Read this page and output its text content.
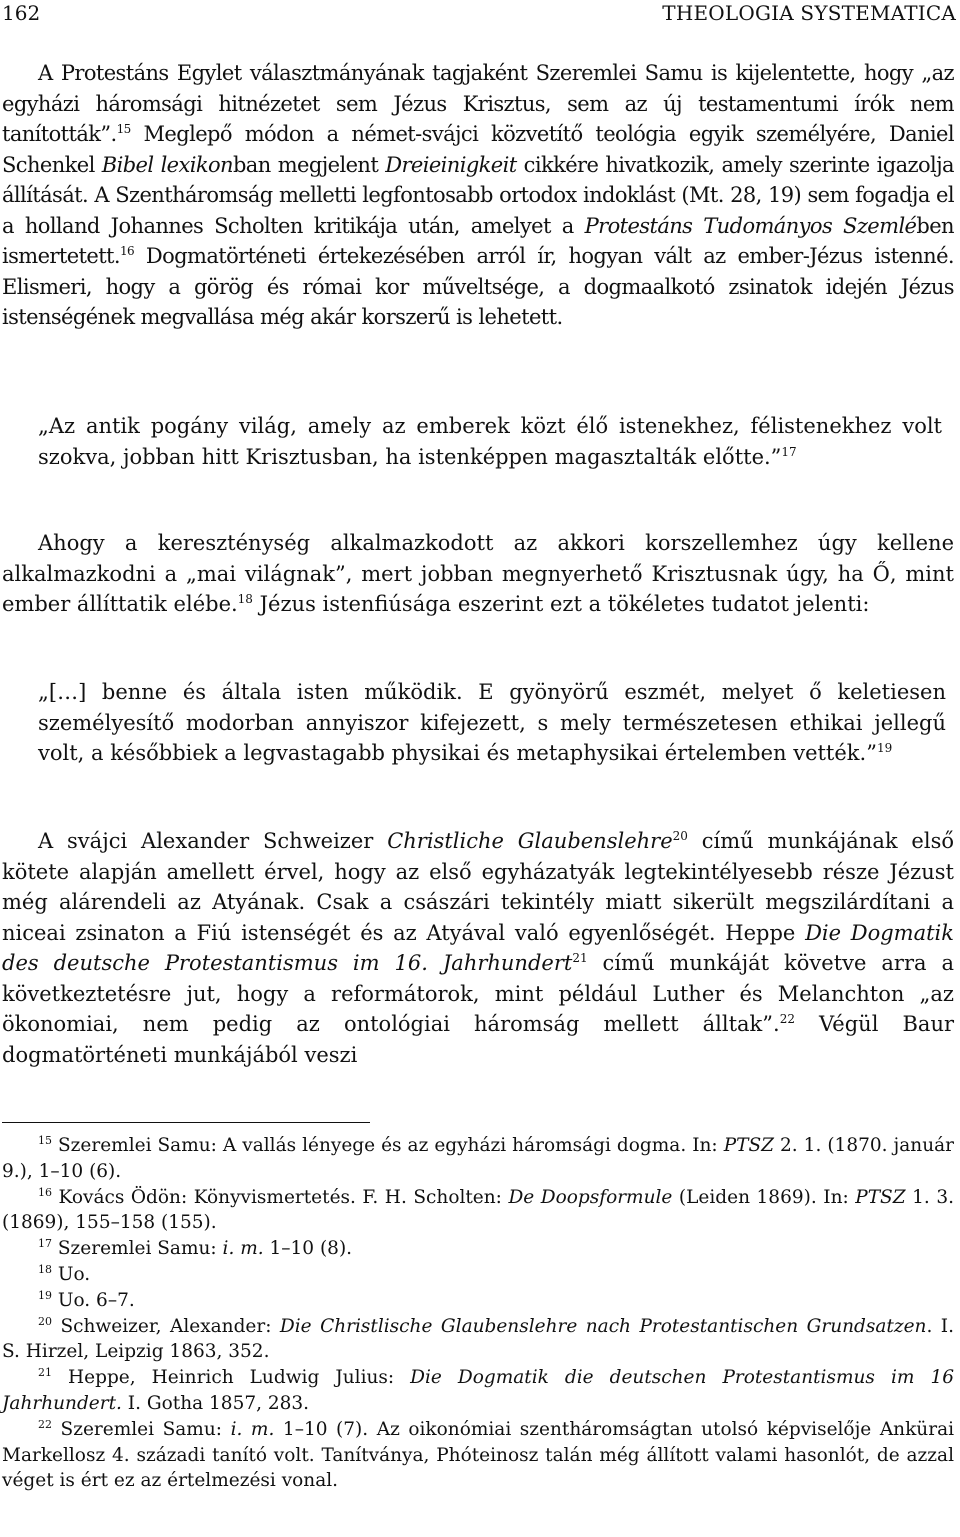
162	THEOLOGIA SYSTEMATICA

A Protestáns Egylet választmányának tagjaként Szeremlei Samu is kijelentette, hogy „az egyházi háromsági hitnézetet sem Jézus Krisztus, sem az új testamentumi írók nem tanították”.$^{15}$ Meglepő módon a német-svájci közvetítő teológia egyik személyére, Daniel Schenkel Bibel lexikonban megjelent Dreieinigkeit cikkére hivatkozik, amely szerinte igazolja állítását. A Szentháromság melletti legfontosabb ortodox indoklást (Mt. 28, 19) sem fogadja el a holland Johannes Scholten kritikája után, amelyet a Protestáns Tudományos Szemlében ismertetett.$^{16}$ Dogmatörténeti értekezésében arról ír, hogyan vált az ember-Jézus istenné. Elismeri, hogy a görög és római kor műveltsége, a dogmaalkotó zsinatok idején Jézus istenségének megvallása még akár korszerű is lehetett.

„Az antik pogány világ, amely az emberek közt élő istenekhez, félistenekhez volt szokva, jobban hitt Krisztusban, ha istenképpen magasztalták előtte.”$^{17}$

Ahogy a kereszténység alkalmazkodott az akkori korszellemhez úgy kellene alkalmazkodni a „mai világnak”, mert jobban megnyerhető Krisztusnak úgy, ha Ő, mint ember állíttatik elébe.$^{18}$ Jézus istenfiúsága eszerint ezt a tökéletes tudatot jelenti:

„[…] benne és általa isten működik. E gyönyörű eszmét, melyet ő keletiesen személyesítő modorban annyiszor kifejezett, s mely természetesen ethikai jellegű volt, a későbbiek a legvastagabb physikai és metaphysikai értelemben vették.”$^{19}$

A svájci Alexander Schweizer Christliche Glaubenslehre$^{20}$ című munkájának első kötete alapján amellett érvel, hogy az első egyházatyák legtekintélyesebb része Jézust még alárendeli az Atyának. Csak a császári tekintély miatt sikerült megszilárdítani a niceai zsinaton a Fiú istenségét és az Atyával való egyenlőségét. Heppe Die Dogmatik des deutsche Protestantismus im 16. Jahrhundert$^{21}$ című munkáját követve arra a következtetésre jut, hogy a reformátorok, mint például Luther és Melanchton „az ökonomiai, nem pedig az ontológiai háromság mellett álltak”.$^{22}$ Végül Baur dogmatörténeti munkájából veszi

$^{15}$ Szeremlei Samu: A vallás lényege és az egyházi háromsági dogma. In: PTSZ 2. 1. (1870. január 9.), 1–10 (6).

$^{16}$ Kovács Ödön: Könyvismertetés. F. H. Scholten: De Doopsformule (Leiden 1869). In: PTSZ 1. 3. (1869), 155–158 (155).

$^{17}$ Szeremlei Samu: i. m. 1–10 (8).

$^{18}$ Uo.

$^{19}$ Uo. 6–7.

$^{20}$ Schweizer, Alexander: Die Christlische Glaubenslehre nach Protestantischen Grundsatzen. I. S. Hirzel, Leipzig 1863, 352.

$^{21}$ Heppe, Heinrich Ludwig Julius: Die Dogmatik die deutschen Protestantismus im 16 Jahrhundert. I. Gotha 1857, 283.

$^{22}$ Szeremlei Samu: i. m. 1–10 (7). Az oikonómiai szentháromságtan utolsó képviselője Ankürai Markellosz 4. századi tanító volt. Tanítványa, Phóteinosz talán még állított valami hasonlót, de azzal véget is ért ez az értelmezési vonal.
